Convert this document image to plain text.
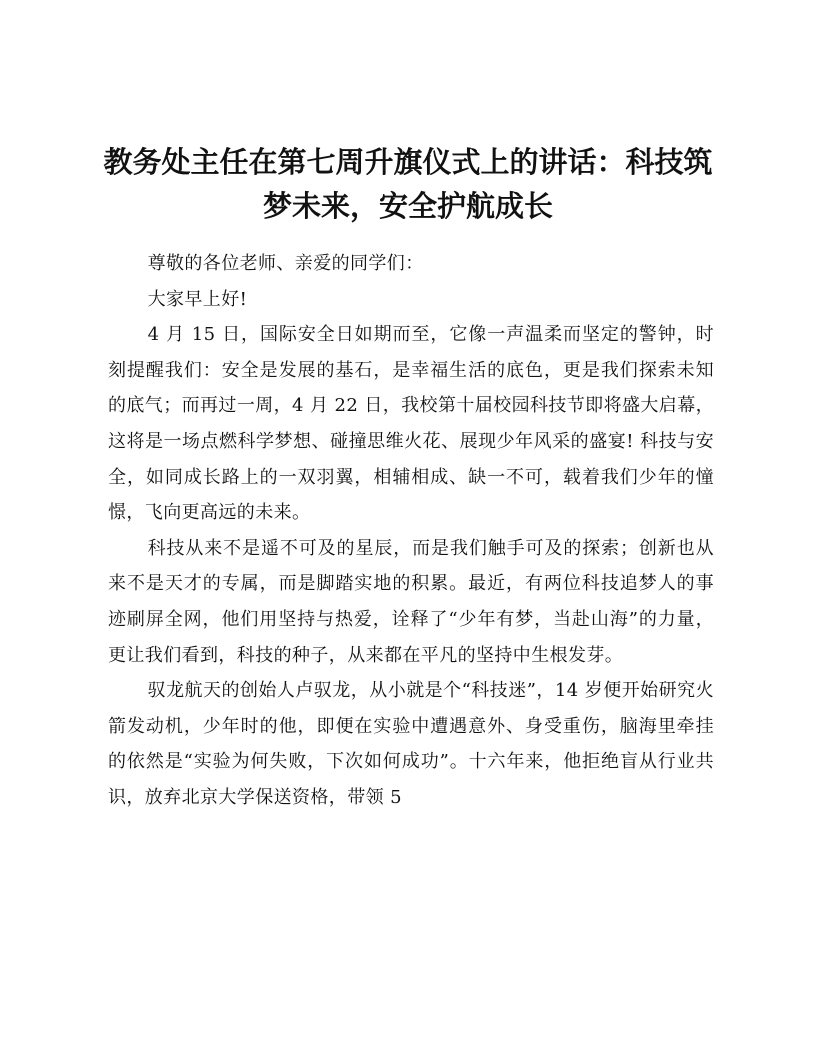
教务处主任在第七周升旗仪式上的讲话：科技筑梦未来，安全护航成长

尊敬的各位老师、亲爱的同学们：

大家早上好!

4 月 15 日，国际安全日如期而至，它像一声温柔而坚定的警钟，时刻提醒我们：安全是发展的基石，是幸福生活的底色，更是我们探索未知的底气；而再过一周，4 月 22 日，我校第十届校园科技节即将盛大启幕，这将是一场点燃科学梦想、碰撞思维火花、展现少年风采的盛宴! 科技与安全，如同成长路上的一双羽翼，相辅相成、缺一不可，载着我们少年的憧憬，飞向更高远的未来。

科技从来不是遥不可及的星辰，而是我们触手可及的探索；创新也从来不是天才的专属，而是脚踏实地的积累。最近，有两位科技追梦人的事迹刷屏全网，他们用坚持与热爱，诠释了“少年有梦，当赴山海”的力量，更让我们看到，科技的种子，从来都在平凡的坚持中生根发芽。

驭龙航天的创始人卢驭龙，从小就是个“科技迷”，14 岁便开始研究火箭发动机，少年时的他，即便在实验中遭遇意外、身受重伤，脑海里牵挂的依然是“实验为何失败，下次如何成功”。十六年来，他拒绝盲从行业共识，放弃北京大学保送资格，带领 5
